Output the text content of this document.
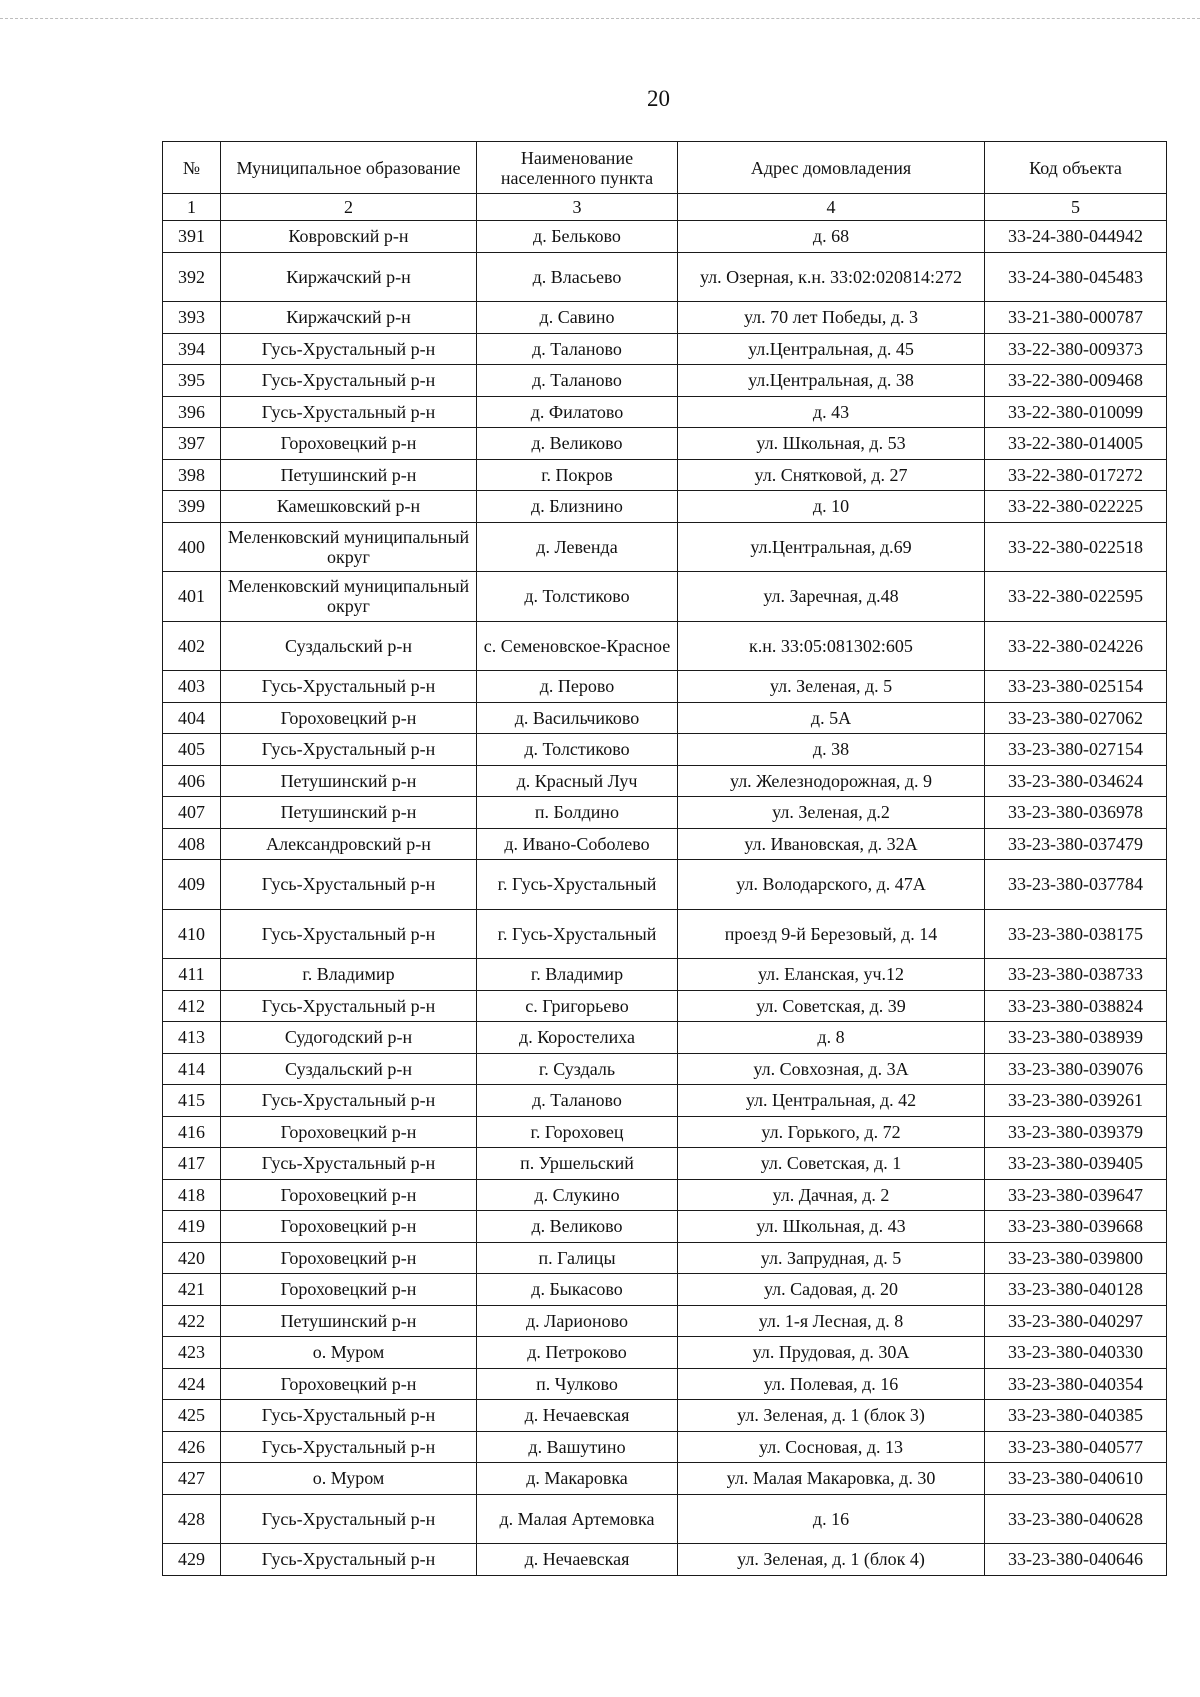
20
№	Муниципальное образование	Наименование населенного пункта	Адрес домовладения	Код объекта
1	2	3	4	5
391	Ковровский р-н	д. Бельково	д. 68	33-24-380-044942
392	Киржачский р-н	д. Власьево	ул. Озерная, к.н. 33:02:020814:272	33-24-380-045483
393	Киржачский р-н	д. Савино	ул. 70 лет Победы, д. 3	33-21-380-000787
394	Гусь-Хрустальный р-н	д. Таланово	ул.Центральная, д. 45	33-22-380-009373
395	Гусь-Хрустальный р-н	д. Таланово	ул.Центральная, д. 38	33-22-380-009468
396	Гусь-Хрустальный р-н	д. Филатово	д. 43	33-22-380-010099
397	Гороховецкий р-н	д. Великово	ул. Школьная, д. 53	33-22-380-014005
398	Петушинский р-н	г. Покров	ул. Снятковой, д. 27	33-22-380-017272
399	Камешковский р-н	д. Близнино	д. 10	33-22-380-022225
400	Меленковский муниципальный округ	д. Левенда	ул.Центральная, д.69	33-22-380-022518
401	Меленковский муниципальный округ	д. Толстиково	ул. Заречная, д.48	33-22-380-022595
402	Суздальский р-н	с. Семеновское-Красное	к.н. 33:05:081302:605	33-22-380-024226
403	Гусь-Хрустальный р-н	д. Перово	ул. Зеленая, д. 5	33-23-380-025154
404	Гороховецкий р-н	д. Васильчиково	д. 5А	33-23-380-027062
405	Гусь-Хрустальный р-н	д. Толстиково	д. 38	33-23-380-027154
406	Петушинский р-н	д. Красный Луч	ул. Железнодорожная, д. 9	33-23-380-034624
407	Петушинский р-н	п. Болдино	ул. Зеленая, д.2	33-23-380-036978
408	Александровский р-н	д. Ивано-Соболево	ул. Ивановская, д. 32А	33-23-380-037479
409	Гусь-Хрустальный р-н	г. Гусь-Хрустальный	ул. Володарского, д. 47А	33-23-380-037784
410	Гусь-Хрустальный р-н	г. Гусь-Хрустальный	проезд 9-й Березовый, д. 14	33-23-380-038175
411	г. Владимир	г. Владимир	ул. Еланская, уч.12	33-23-380-038733
412	Гусь-Хрустальный р-н	с. Григорьево	ул. Советская, д. 39	33-23-380-038824
413	Судогодский р-н	д. Коростелиха	д. 8	33-23-380-038939
414	Суздальский р-н	г. Суздаль	ул. Совхозная, д. 3А	33-23-380-039076
415	Гусь-Хрустальный р-н	д. Таланово	ул. Центральная, д. 42	33-23-380-039261
416	Гороховецкий р-н	г. Гороховец	ул. Горького, д. 72	33-23-380-039379
417	Гусь-Хрустальный р-н	п. Уршельский	ул. Советская, д. 1	33-23-380-039405
418	Гороховецкий р-н	д. Слукино	ул. Дачная, д. 2	33-23-380-039647
419	Гороховецкий р-н	д. Великово	ул. Школьная, д. 43	33-23-380-039668
420	Гороховецкий р-н	п. Галицы	ул. Запрудная, д. 5	33-23-380-039800
421	Гороховецкий р-н	д. Быкасово	ул. Садовая, д. 20	33-23-380-040128
422	Петушинский р-н	д. Ларионово	ул. 1-я Лесная, д. 8	33-23-380-040297
423	о. Муром	д. Петроково	ул. Прудовая, д. 30А	33-23-380-040330
424	Гороховецкий р-н	п. Чулково	ул. Полевая, д. 16	33-23-380-040354
425	Гусь-Хрустальный р-н	д. Нечаевская	ул. Зеленая, д. 1 (блок 3)	33-23-380-040385
426	Гусь-Хрустальный р-н	д. Вашутино	ул. Сосновая, д. 13	33-23-380-040577
427	о. Муром	д. Макаровка	ул. Малая Макаровка, д. 30	33-23-380-040610
428	Гусь-Хрустальный р-н	д. Малая Артемовка	д. 16	33-23-380-040628
429	Гусь-Хрустальный р-н	д. Нечаевская	ул. Зеленая, д. 1 (блок 4)	33-23-380-040646
